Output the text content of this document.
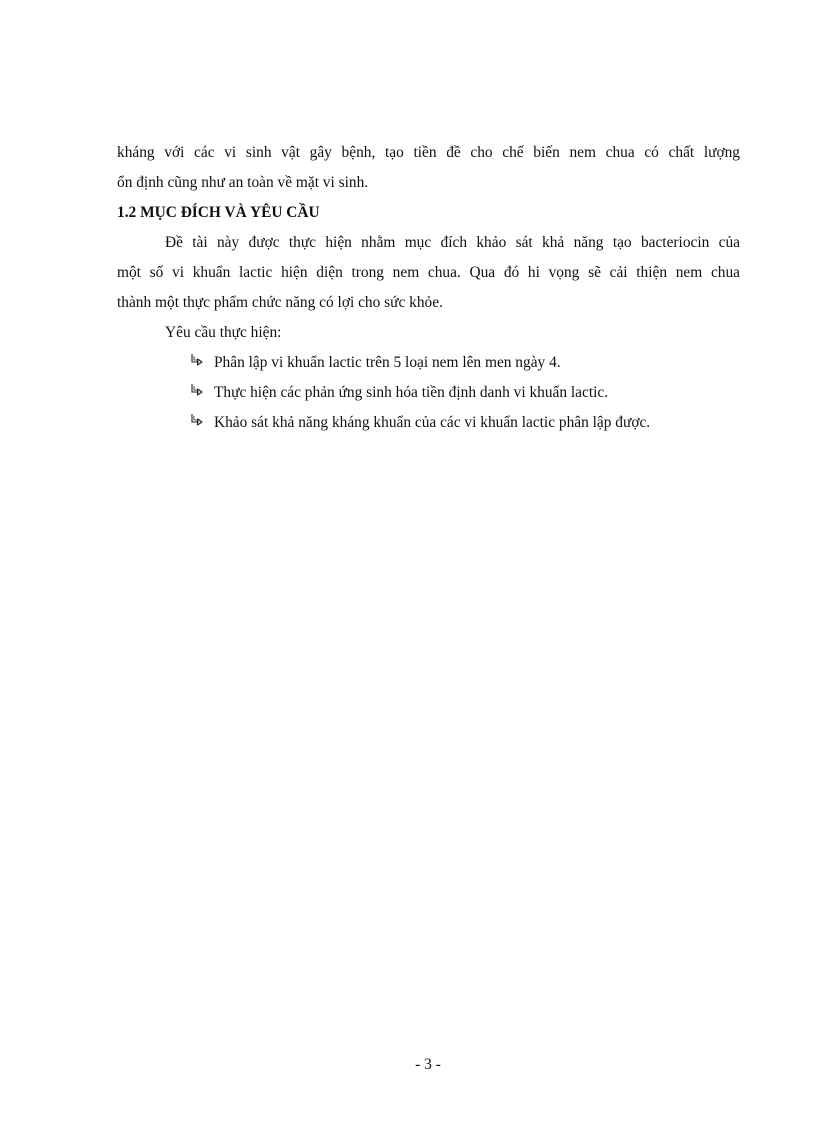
kháng với các vi sinh vật gây bệnh, tạo tiền đề cho chế biến nem chua có chất lượng
ổn định cũng như an toàn về mặt vi sinh.
1.2 MỤC ĐÍCH VÀ YÊU CẦU
Đề tài này được thực hiện nhằm mục đích khảo sát khả năng tạo bacteriocin của
một số vi khuẩn lactic hiện diện trong nem chua. Qua đó hi vọng sẽ cải thiện nem chua
thành một thực phẩm chức năng có lợi cho sức khỏe.
Yêu cầu thực hiện:
Phân lập vi khuẩn lactic trên 5 loại nem lên men ngày 4.
Thực hiện các phản ứng sinh hóa tiền định danh vi khuẩn lactic.
Khảo sát khả năng kháng khuẩn của các vi khuẩn lactic phân lập được.
- 3 -
